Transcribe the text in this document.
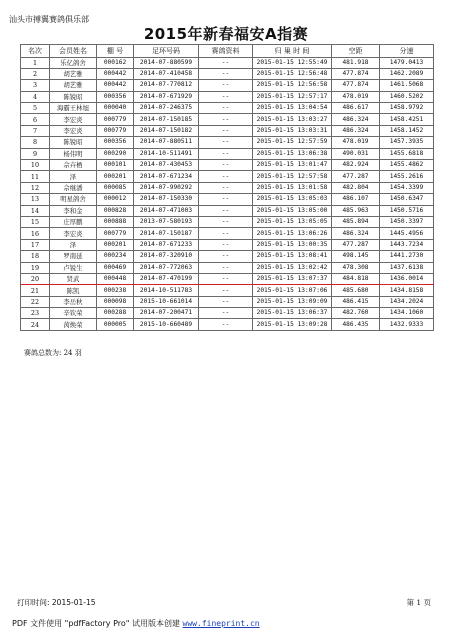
汕头市搏翼赛鸽俱乐部
2015年新春福安A指赛
名次	会员姓名	棚 号	足环号码	赛鸽资料	归 巢 时 间	空距	分速
1	乐亿鸽舍	000162	2014-07-880599	--	2015-01-15 12:55:49	481.918	1479.0413
2	胡艺雅	000442	2014-07-410458	--	2015-01-15 12:56:48	477.874	1462.2089
3	胡艺雅	000442	2014-07-770812	--	2015-01-15 12:56:58	477.874	1461.5068
4	陈锐昭	000356	2014-07-671929	--	2015-01-15 12:57:17	478.019	1460.5202
5	海霸王林旭	000040	2014-07-246375	--	2015-01-15 13:04:54	486.617	1458.9792
6	李宏炎	000779	2014-07-150185	--	2015-01-15 13:03:27	486.324	1458.4251
7	李宏炎	000779	2014-07-150182	--	2015-01-15 13:03:31	486.324	1458.1452
8	陈锐昭	000356	2014-07-880511	--	2015-01-15 12:57:59	478.019	1457.3935
9	杨伟明	000290	2014-10-511491	--	2015-01-15 13:06:38	490.031	1455.6818
10	佘卉栖	000101	2014-07-430453	--	2015-01-15 13:01:47	482.924	1455.4862
11	泽	000201	2014-07-671234	--	2015-01-15 12:57:58	477.287	1455.2616
12	佘继潘	000085	2014-07-990292	--	2015-01-15 13:01:58	482.804	1454.3399
13	明星鸽舍	000012	2014-07-150330	--	2015-01-15 13:05:03	486.107	1450.6347
14	李和金	000828	2014-07-471003	--	2015-01-15 13:05:00	485.963	1450.5716
15	庄厚鹏	000888	2013-07-580193	--	2015-01-15 13:05:05	485.894	1450.3397
16	李宏炎	000779	2014-07-150187	--	2015-01-15 13:06:26	486.324	1445.4956
17	泽	000201	2014-07-671233	--	2015-01-15 13:00:35	477.287	1443.7234
18	罗南延	000234	2014-07-320910	--	2015-01-15 13:08:41	498.145	1441.2730
19	卢锐生	000469	2014-07-772063	--	2015-01-15 13:02:42	478.308	1437.6138
20	贤武	000448	2014-07-470199	--	2015-01-15 13:07:37	484.818	1436.0014
21	陈凯	000238	2014-10-511783	--	2015-01-15 13:07:06	485.680	1434.8158
22	李岳秋	000098	2015-10-661014	--	2015-01-15 13:09:09	486.415	1434.2024
23	辛钦荣	000288	2014-07-200471	--	2015-01-15 13:06:37	482.760	1434.1060
24	苪焕荣	000005	2015-10-660489	--	2015-01-15 13:09:28	486.435	1432.9333
赛鸽总数为: 24 羽
打印时间: 2015-01-15	第 1 页
PDF 文件使用 "pdfFactory Pro" 试用版本创建 www.fineprint.cn
